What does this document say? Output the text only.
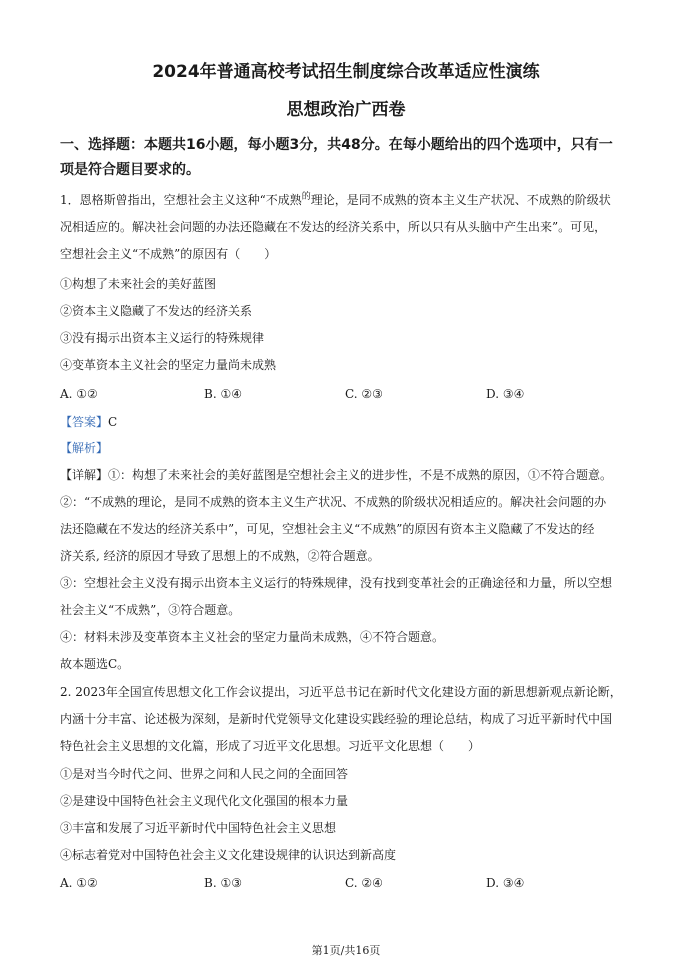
2024年普通高校考试招生制度综合改革适应性演练
思想政治广西卷
一、选择题：本题共16小题，每小题3分，共48分。在每小题给出的四个选项中，只有一
项是符合题目要求的。
1．恩格斯曾指出，空想社会主义这种“不成熟$^的$理论，是同不成熟的资本主义生产状况、不成熟的阶级状
况相适应的。解决社会问题的办法还隐藏在不发达的经济关系中，所以只有从头脑中产生出来”。可见，
空想社会主义“不成熟”的原因有（　　）
①构想了未来社会的美好蓝图
②资本主义隐藏了不发达的经济关系
③没有揭示出资本主义运行的特殊规律
④变革资本主义社会的坚定力量尚未成熟
A. ①②	B. ①④	C. ②③	D. ③④
【答案】C
【解析】
【详解】①：构想了未来社会的美好蓝图是空想社会主义的进步性，不是不成熟的原因，①不符合题意。
②：“不成熟的理论，是同不成熟的资本主义生产状况、不成熟的阶级状况相适应的。解决社会问题的办
法还隐藏在不发达的经济关系中”，可见，空想社会主义“不成熟”的原因有资本主义隐藏了不发达的经
济关系, 经济的原因才导致了思想上的不成熟，②符合题意。
③：空想社会主义没有揭示出资本主义运行的特殊规律，没有找到变革社会的正确途径和力量，所以空想
社会主义“不成熟”，③符合题意。
④：材料未涉及变革资本主义社会的坚定力量尚未成熟，④不符合题意。
故本题选C。
2. 2023年全国宣传思想文化工作会议提出，习近平总书记在新时代文化建设方面的新思想新观点新论断，
内涵十分丰富、论述极为深刻，是新时代党领导文化建设实践经验的理论总结，构成了习近平新时代中国
特色社会主义思想的文化篇，形成了习近平文化思想。习近平文化思想（　　）
①是对当今时代之问、世界之问和人民之问的全面回答
②是建设中国特色社会主义现代化文化强国的根本力量
③丰富和发展了习近平新时代中国特色社会主义思想
④标志着党对中国特色社会主义文化建设规律的认识达到新高度
A. ①②	B. ①③	C. ②④	D. ③④
第1页/共16页
